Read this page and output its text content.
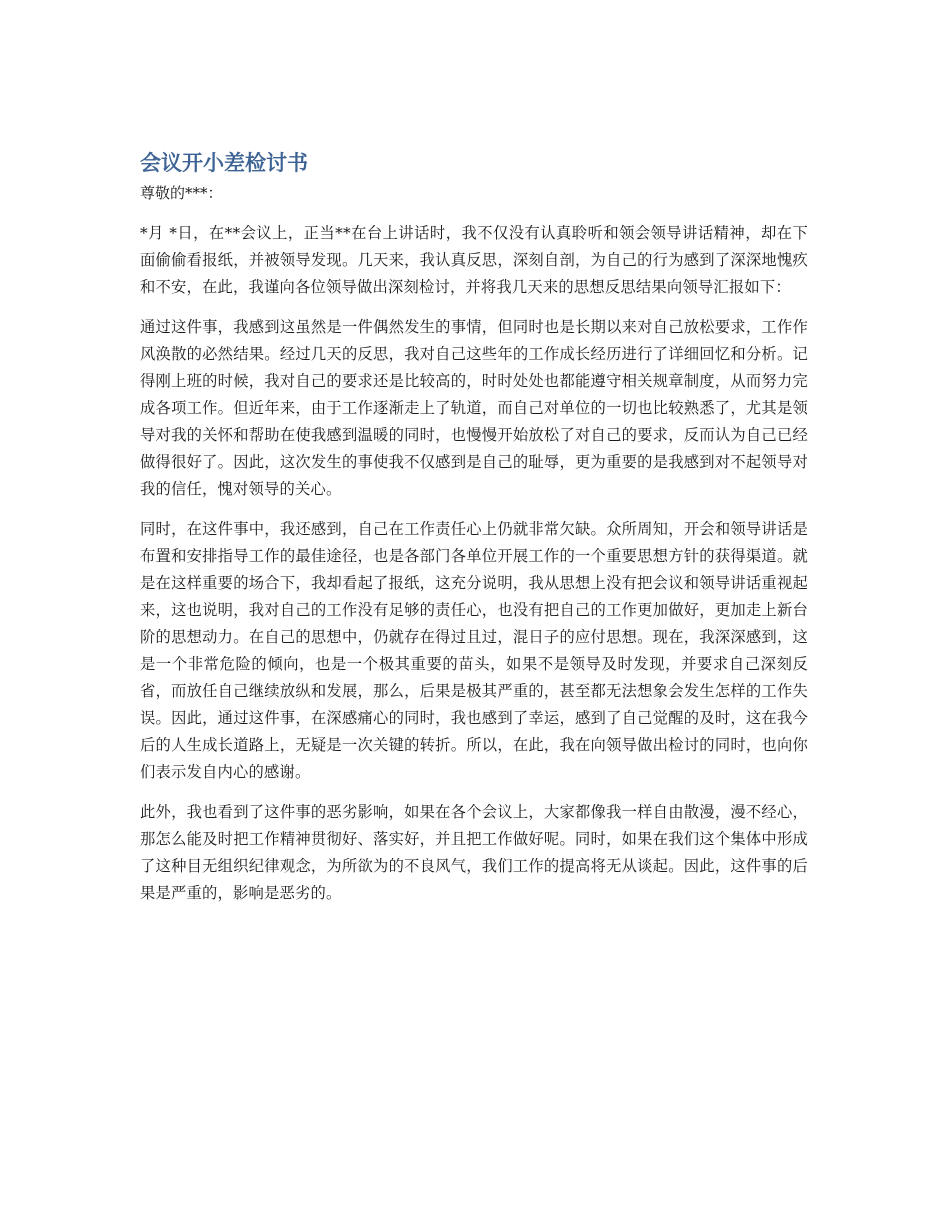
会议开小差检讨书

尊敬的***：

*月 *日，在**会议上，正当**在台上讲话时，我不仅没有认真聆听和领会领导讲话精神，却在下面偷偷看报纸，并被领导发现。几天来，我认真反思，深刻自剖，为自己的行为感到了深深地愧疚和不安，在此，我谨向各位领导做出深刻检讨，并将我几天来的思想反思结果向领导汇报如下：

通过这件事，我感到这虽然是一件偶然发生的事情，但同时也是长期以来对自己放松要求，工作作风涣散的必然结果。经过几天的反思，我对自己这些年的工作成长经历进行了详细回忆和分析。记得刚上班的时候，我对自己的要求还是比较高的，时时处处也都能遵守相关规章制度，从而努力完成各项工作。但近年来，由于工作逐渐走上了轨道，而自己对单位的一切也比较熟悉了，尤其是领导对我的关怀和帮助在使我感到温暖的同时，也慢慢开始放松了对自己的要求，反而认为自己已经做得很好了。因此，这次发生的事使我不仅感到是自己的耻辱，更为重要的是我感到对不起领导对我的信任，愧对领导的关心。

同时，在这件事中，我还感到，自己在工作责任心上仍就非常欠缺。众所周知，开会和领导讲话是布置和安排指导工作的最佳途径，也是各部门各单位开展工作的一个重要思想方针的获得渠道。就是在这样重要的场合下，我却看起了报纸，这充分说明，我从思想上没有把会议和领导讲话重视起来，这也说明，我对自己的工作没有足够的责任心，也没有把自己的工作更加做好，更加走上新台阶的思想动力。在自己的思想中，仍就存在得过且过，混日子的应付思想。现在，我深深感到，这是一个非常危险的倾向，也是一个极其重要的苗头，如果不是领导及时发现，并要求自己深刻反省，而放任自己继续放纵和发展，那么，后果是极其严重的，甚至都无法想象会发生怎样的工作失误。因此，通过这件事，在深感痛心的同时，我也感到了幸运，感到了自己觉醒的及时，这在我今后的人生成长道路上，无疑是一次关键的转折。所以，在此，我在向领导做出检讨的同时，也向你们表示发自内心的感谢。

此外，我也看到了这件事的恶劣影响，如果在各个会议上，大家都像我一样自由散漫，漫不经心，那怎么能及时把工作精神贯彻好、落实好，并且把工作做好呢。同时，如果在我们这个集体中形成了这种目无组织纪律观念，为所欲为的不良风气，我们工作的提高将无从谈起。因此，这件事的后果是严重的，影响是恶劣的。
